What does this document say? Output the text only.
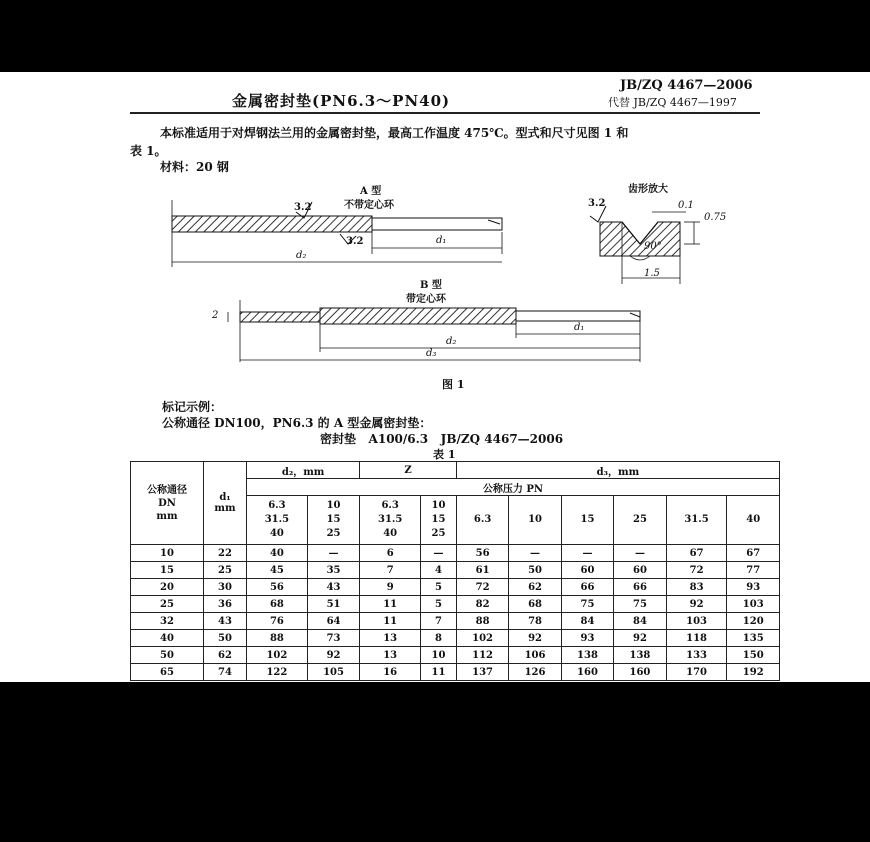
JB/ZQ 4467—2006
代替 JB/ZQ 4467—1997
金属密封垫(PN6.3～PN40)
本标准适用于对焊钢法兰用的金属密封垫，最高工作温度 475℃。型式和尺寸见图 1 和
表 1。
材料：20 钢
A 型
不带定心环
3.2
3.2	d₁
d₂
齿形放大
3.2	0.1
0.75
90°
1.5
B 型
带定心环
2
d₁
d₂
d₃
图 1
标记示例：
公称通径 DN100，PN6.3 的 A 型金属密封垫：
密封垫   A100/6.3   JB/ZQ 4467—2006
表 1
公称通径
DN
mm	d₁
mm	d₂，mm		Z		d₃，mm					
		公称压力 PN									
		6.3
31.5
40	10
15
25	6.3
31.5
40	10
15
25	6.3	10	15	25	31.5	40
10	22	40	—	6	—	56	—	—	—	67	67
15	25	45	35	7	4	61	50	60	60	72	77
20	30	56	43	9	5	72	62	66	66	83	93
25	36	68	51	11	5	82	68	75	75	92	103
32	43	76	64	11	7	88	78	84	84	103	120
40	50	88	73	13	8	102	92	93	92	118	135
50	62	102	92	13	10	112	106	138	138	133	150
65	74	122	105	16	11	137	126	160	160	170	192
